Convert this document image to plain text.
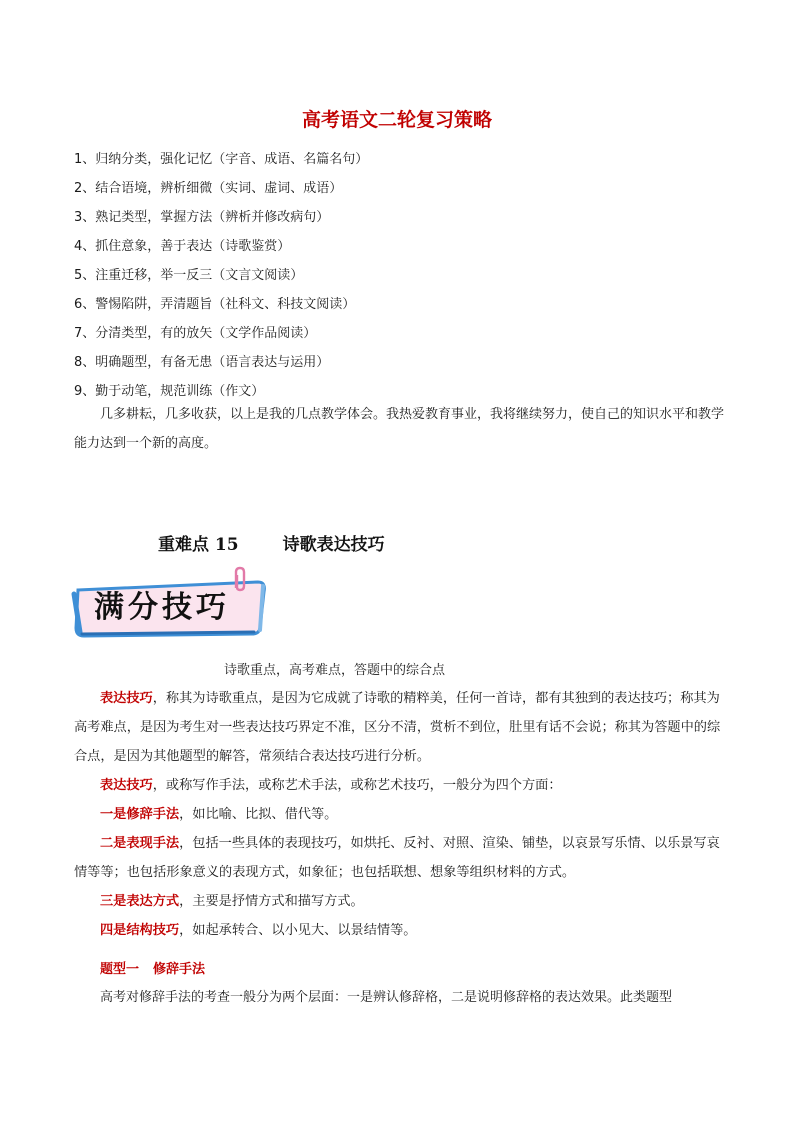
高考语文二轮复习策略
1、归纳分类，强化记忆（字音、成语、名篇名句）
2、结合语境，辨析细微（实词、虚词、成语）
3、熟记类型，掌握方法（辨析并修改病句）
4、抓住意象，善于表达（诗歌鉴赏）
5、注重迁移，举一反三（文言文阅读）
6、警惕陷阱，弄清题旨（社科文、科技文阅读）
7、分清类型，有的放矢（文学作品阅读）
8、明确题型，有备无患（语言表达与运用）
9、勤于动笔，规范训练（作文）

几多耕耘，几多收获，以上是我的几点教学体会。我热爱教育事业，我将继续努力，使自己的知识水平和教学能力达到一个新的高度。

重难点 15	诗歌表达技巧
满分技巧
诗歌重点，高考难点，答题中的综合点

表达技巧，称其为诗歌重点，是因为它成就了诗歌的精粹美，任何一首诗，都有其独到的表达技巧；称其为高考难点，是因为考生对一些表达技巧界定不准，区分不清，赏析不到位，肚里有话不会说；称其为答题中的综合点，是因为其他题型的解答，常须结合表达技巧进行分析。

表达技巧，或称写作手法，或称艺术手法，或称艺术技巧，一般分为四个方面：

一是修辞手法，如比喻、比拟、借代等。

二是表现手法，包括一些具体的表现技巧，如烘托、反衬、对照、渲染、铺垫，以哀景写乐情、以乐景写哀情等等；也包括形象意义的表现方式，如象征；也包括联想、想象等组织材料的方式。

三是表达方式，主要是抒情方式和描写方式。

四是结构技巧，如起承转合、以小见大、以景结情等。

题型一 修辞手法

高考对修辞手法的考查一般分为两个层面：一是辨认修辞格，二是说明修辞格的表达效果。此类题型
